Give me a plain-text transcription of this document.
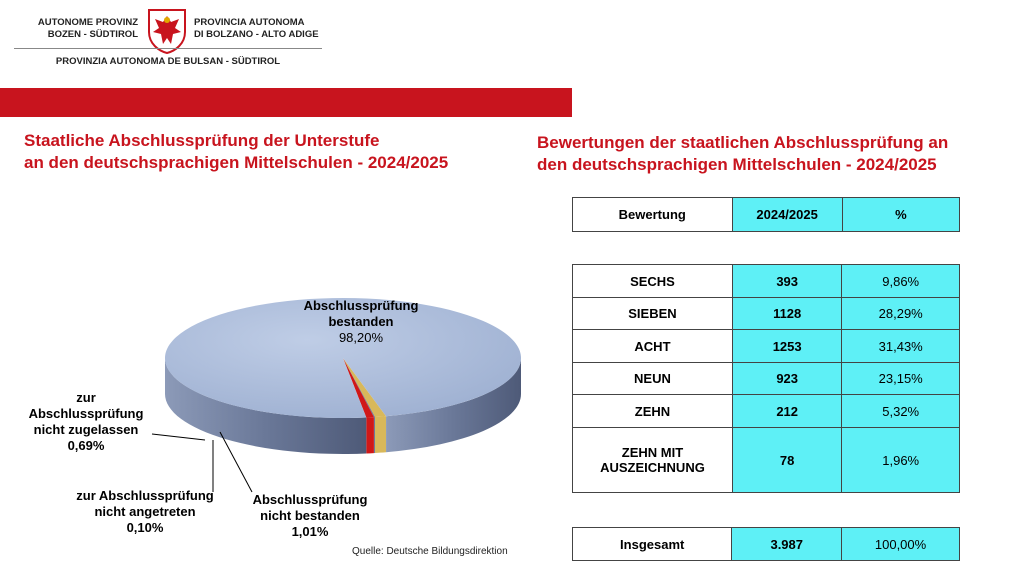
AUTONOME PROVINZ
BOZEN - SÜDTIROL
PROVINCIA AUTONOMA
DI BOLZANO - ALTO ADIGE
PROVINZIA AUTONOMA DE BULSAN - SÜDTIROL
Staatliche Abschlussprüfung der Unterstufe
an den deutschsprachigen Mittelschulen - 2024/2025
Bewertungen der staatlichen Abschlussprüfung an
den deutschsprachigen Mittelschulen - 2024/2025
Abschlussprüfung
bestanden
98,20%
Abschlussprüfung
nicht bestanden
1,01%
zur Abschlussprüfung
nicht angetreten
0,10%
zur
Abschlussprüfung
nicht zugelassen
0,69%
Quelle: Deutsche Bildungsdirektion
Bewertung	2024/2025	%
SECHS	393	9,86%
SIEBEN	1128	28,29%
ACHT	1253	31,43%
NEUN	923	23,15%
ZEHN	212	5,32%

ZEHN MIT
AUSZEICHNUNG	78	1,96%
Insgesamt	3.987	100,00%
